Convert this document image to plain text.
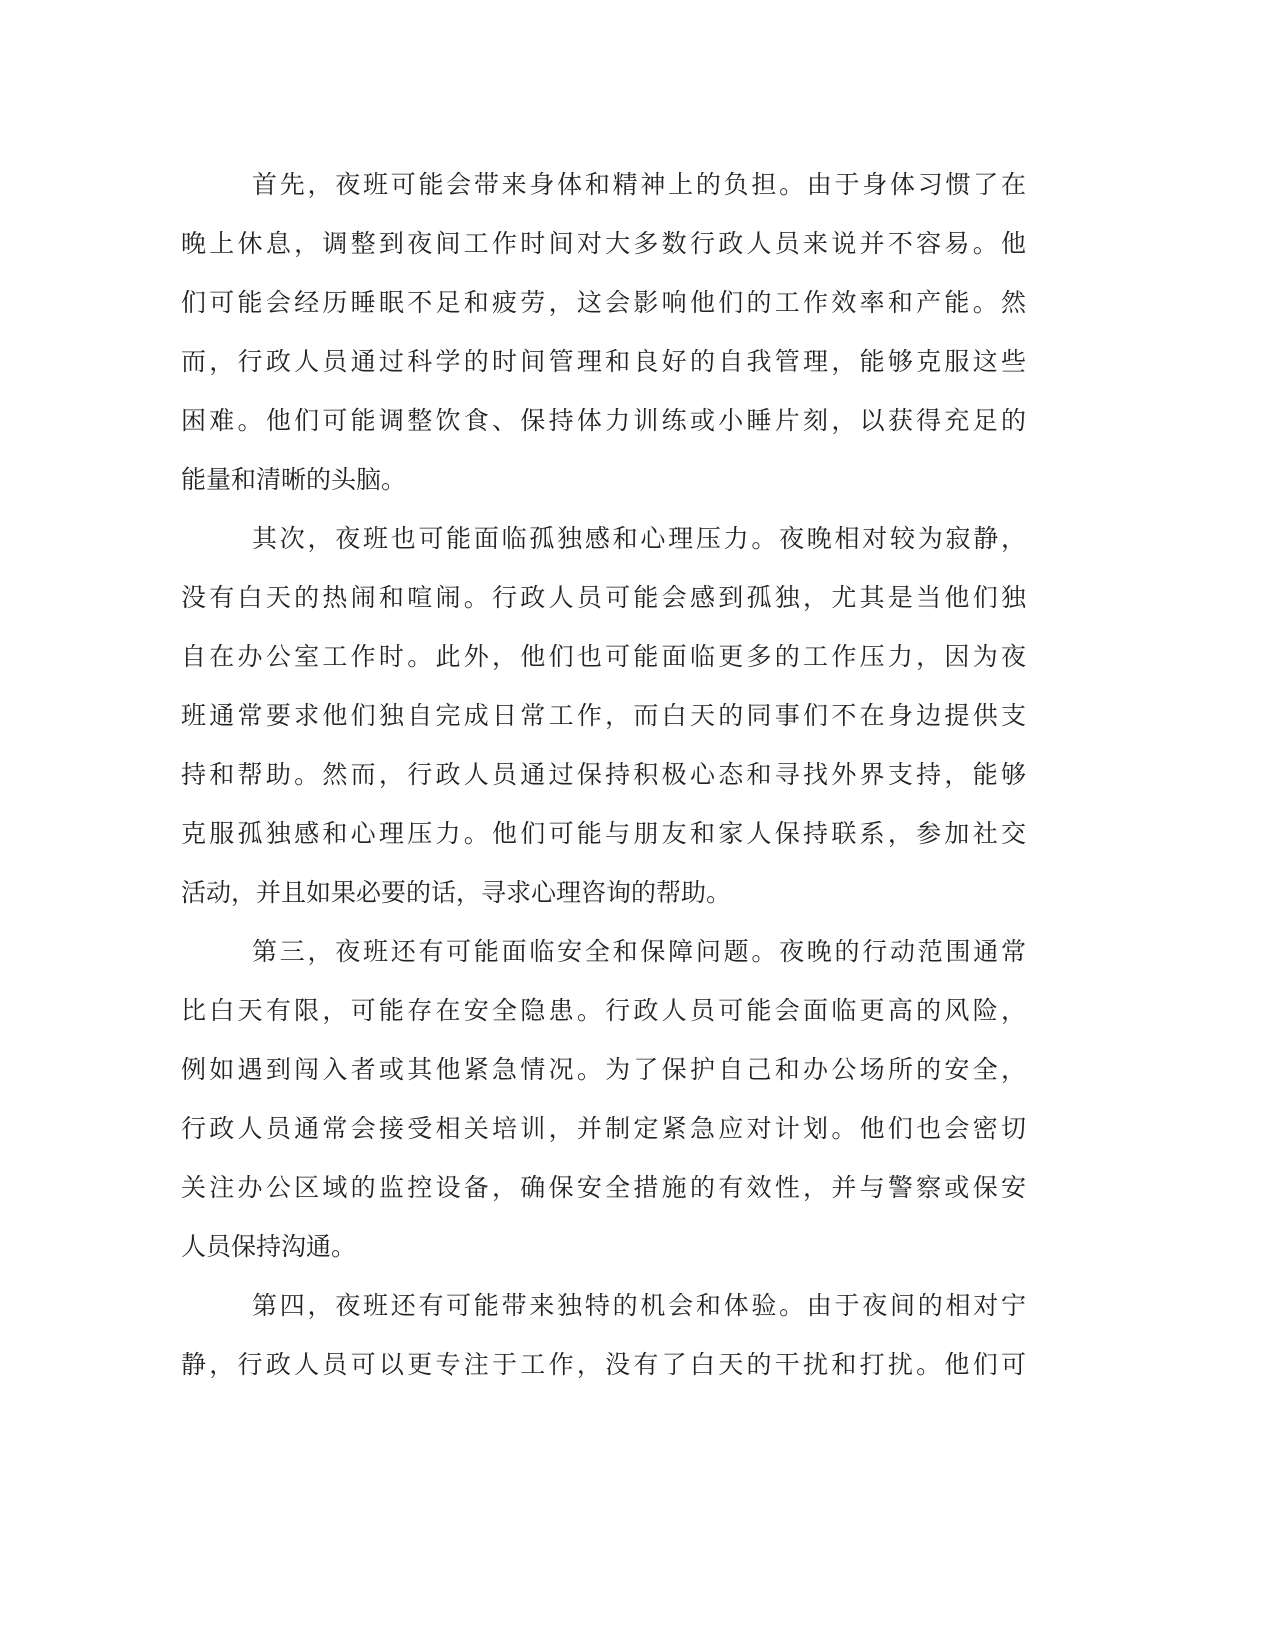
首先，夜班可能会带来身体和精神上的负担。由于身体习惯了在
晚上休息，调整到夜间工作时间对大多数行政人员来说并不容易。他
们可能会经历睡眠不足和疲劳，这会影响他们的工作效率和产能。然
而，行政人员通过科学的时间管理和良好的自我管理，能够克服这些
困难。他们可能调整饮食、保持体力训练或小睡片刻，以获得充足的
能量和清晰的头脑。

其次，夜班也可能面临孤独感和心理压力。夜晚相对较为寂静，
没有白天的热闹和喧闹。行政人员可能会感到孤独，尤其是当他们独
自在办公室工作时。此外，他们也可能面临更多的工作压力，因为夜
班通常要求他们独自完成日常工作，而白天的同事们不在身边提供支
持和帮助。然而，行政人员通过保持积极心态和寻找外界支持，能够
克服孤独感和心理压力。他们可能与朋友和家人保持联系，参加社交
活动，并且如果必要的话，寻求心理咨询的帮助。

第三，夜班还有可能面临安全和保障问题。夜晚的行动范围通常
比白天有限，可能存在安全隐患。行政人员可能会面临更高的风险，
例如遇到闯入者或其他紧急情况。为了保护自己和办公场所的安全，
行政人员通常会接受相关培训，并制定紧急应对计划。他们也会密切
关注办公区域的监控设备，确保安全措施的有效性，并与警察或保安
人员保持沟通。

第四，夜班还有可能带来独特的机会和体验。由于夜间的相对宁
静，行政人员可以更专注于工作，没有了白天的干扰和打扰。他们可
